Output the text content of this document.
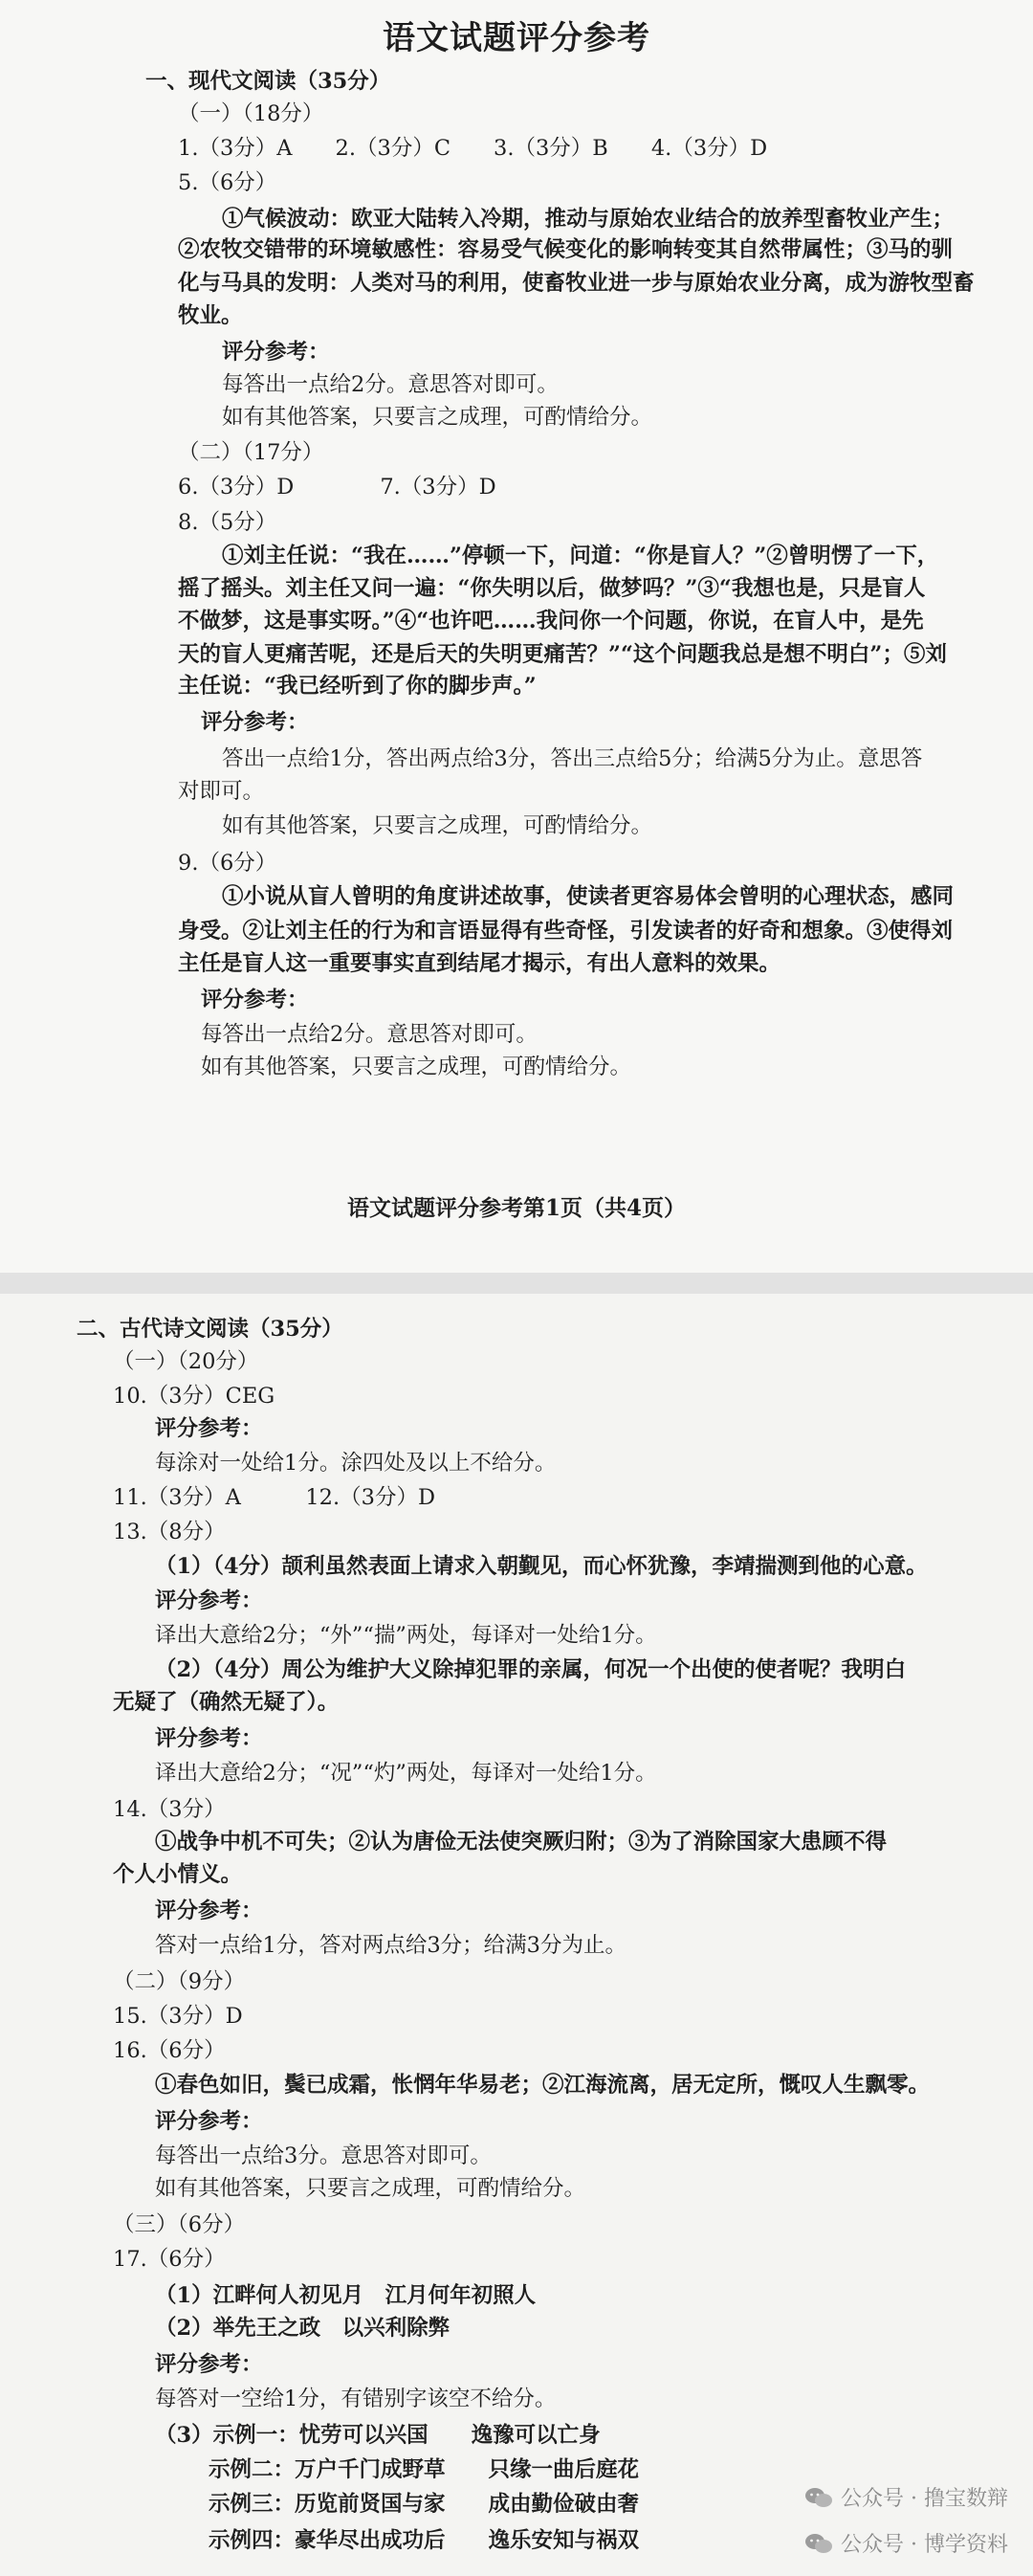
语文试题评分参考
一、现代文阅读（35分）
（一）（18分）
1.（3分）A　　2.（3分）C　　3.（3分）B　　4.（3分）D
5.（6分）
①气候波动：欧亚大陆转入冷期，推动与原始农业结合的放养型畜牧业产生；
②农牧交错带的环境敏感性：容易受气候变化的影响转变其自然带属性；③马的驯
化与马具的发明：人类对马的利用，使畜牧业进一步与原始农业分离，成为游牧型畜
牧业。
评分参考：
每答出一点给2分。意思答对即可。
如有其他答案，只要言之成理，可酌情给分。
（二）（17分）
6.（3分）D　　　　7.（3分）D
8.（5分）
①刘主任说：“我在……”停顿一下，问道：“你是盲人？”②曾明愣了一下，
摇了摇头。刘主任又问一遍：“你失明以后，做梦吗？”③“我想也是，只是盲人
不做梦，这是事实呀。”④“也许吧……我问你一个问题，你说，在盲人中，是先
天的盲人更痛苦呢，还是后天的失明更痛苦？”“这个问题我总是想不明白”；⑤刘
主任说：“我已经听到了你的脚步声。”
评分参考：
答出一点给1分，答出两点给3分，答出三点给5分；给满5分为止。意思答
对即可。
如有其他答案，只要言之成理，可酌情给分。
9.（6分）
①小说从盲人曾明的角度讲述故事，使读者更容易体会曾明的心理状态，感同
身受。②让刘主任的行为和言语显得有些奇怪，引发读者的好奇和想象。③使得刘
主任是盲人这一重要事实直到结尾才揭示，有出人意料的效果。
评分参考：
每答出一点给2分。意思答对即可。
如有其他答案，只要言之成理，可酌情给分。
语文试题评分参考第1页（共4页）
二、古代诗文阅读（35分）
（一）（20分）
10.（3分）CEG
评分参考：
每涂对一处给1分。涂四处及以上不给分。
11.（3分）A　　　12.（3分）D
13.（8分）
（1）（4分）颉利虽然表面上请求入朝觐见，而心怀犹豫，李靖揣测到他的心意。
评分参考：
译出大意给2分；“外”“揣”两处，每译对一处给1分。
（2）（4分）周公为维护大义除掉犯罪的亲属，何况一个出使的使者呢？我明白
无疑了（确然无疑了）。
评分参考：
译出大意给2分；“况”“灼”两处，每译对一处给1分。
14.（3分）
①战争中机不可失；②认为唐俭无法使突厥归附；③为了消除国家大患顾不得
个人小情义。
评分参考：
答对一点给1分，答对两点给3分；给满3分为止。
（二）（9分）
15.（3分）D
16.（6分）
①春色如旧，鬓已成霜，怅惘年华易老；②江海流离，居无定所，慨叹人生飘零。
评分参考：
每答出一点给3分。意思答对即可。
如有其他答案，只要言之成理，可酌情给分。
（三）（6分）
17.（6分）
（1）江畔何人初见月　江月何年初照人
（2）举先王之政　以兴利除弊
评分参考：
每答对一空给1分，有错别字该空不给分。
（3）示例一：忧劳可以兴国　　逸豫可以亡身
示例二：万户千门成野草　　只缘一曲后庭花
示例三：历览前贤国与家　　成由勤俭破由奢
示例四：豪华尽出成功后　　逸乐安知与祸双
公众号 · 撸宝数辩
公众号 · 博学资料
